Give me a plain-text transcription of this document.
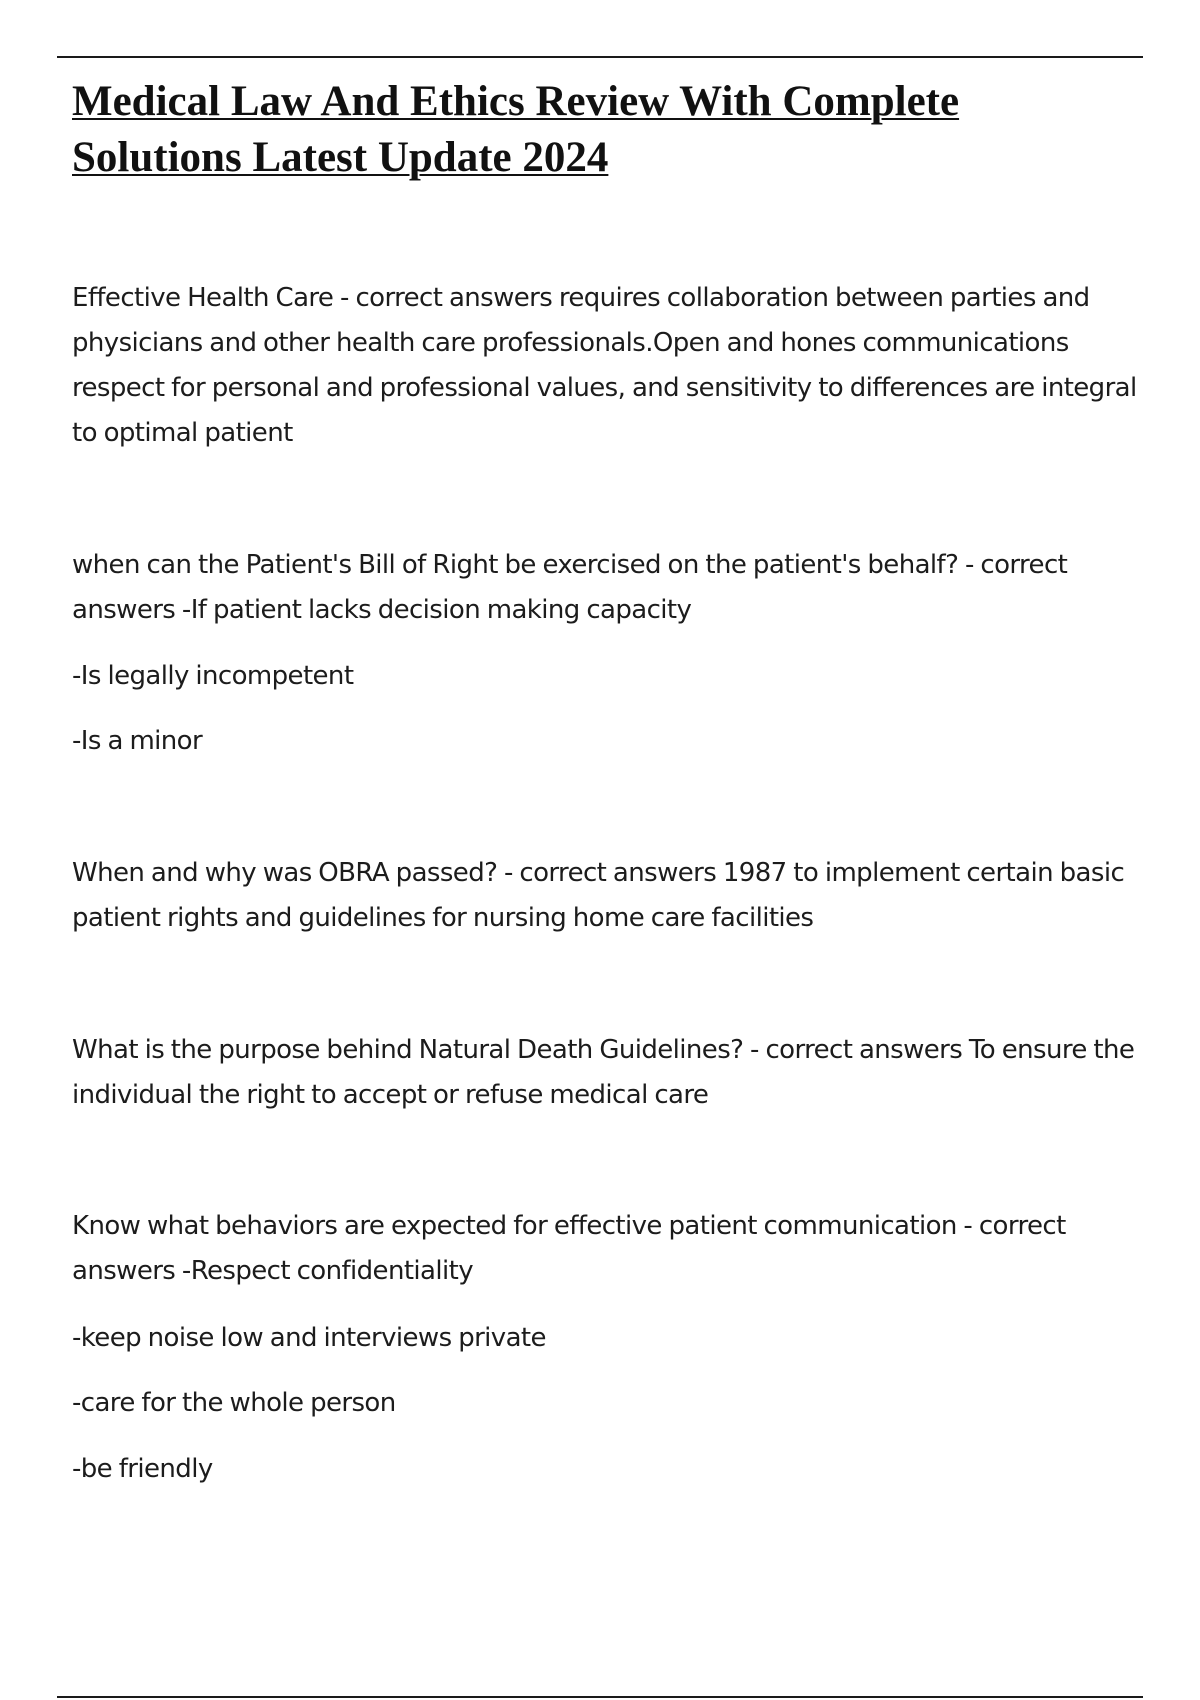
Medical Law And Ethics Review With Complete Solutions Latest Update 2024

Effective Health Care - correct answers requires collaboration between parties and physicians and other health care professionals.Open and hones communications respect for personal and professional values, and sensitivity to differences are integral to optimal patient

when can the Patient's Bill of Right be exercised on the patient's behalf? - correct answers -If patient lacks decision making capacity

-Is legally incompetent

-Is a minor

When and why was OBRA passed? - correct answers 1987 to implement certain basic patient rights and guidelines for nursing home care facilities

What is the purpose behind Natural Death Guidelines? - correct answers To ensure the individual the right to accept or refuse medical care

Know what behaviors are expected for effective patient communication - correct answers -Respect confidentiality

-keep noise low and interviews private

-care for the whole person

-be friendly
